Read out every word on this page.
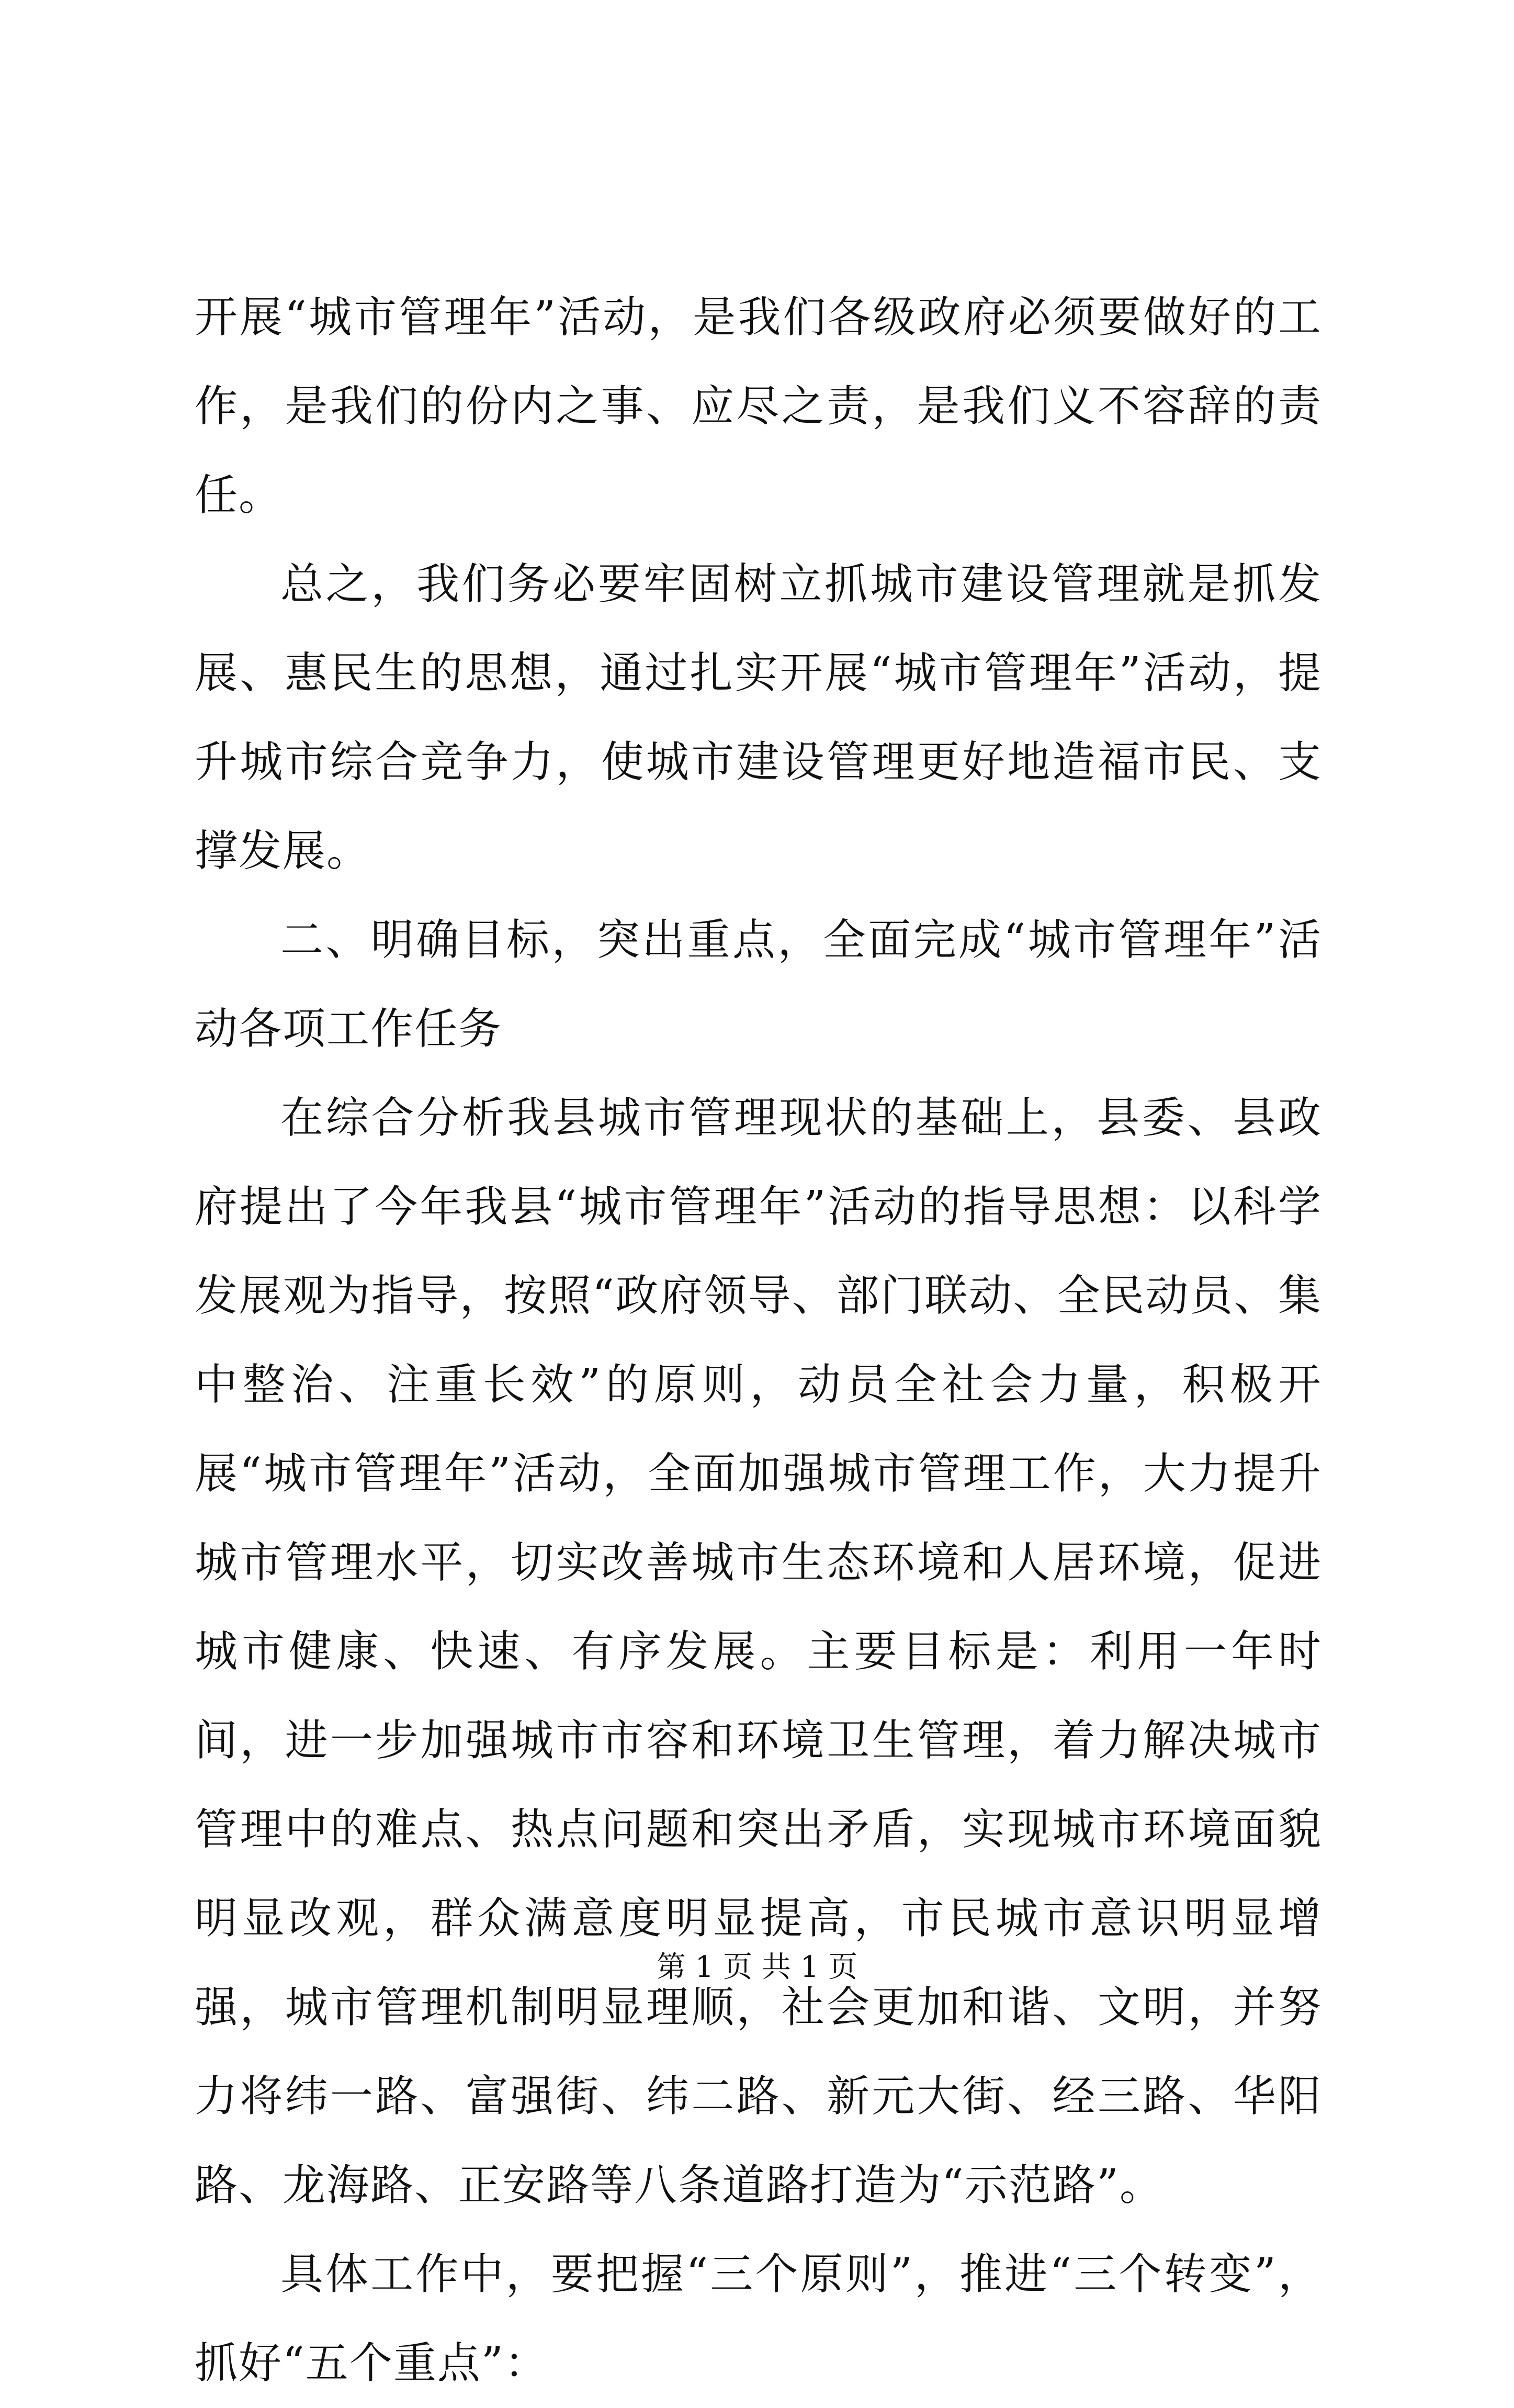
开展“城市管理年”活动，是我们各级政府必须要做好的工作，是我们的份内之事、应尽之责，是我们义不容辞的责任。

总之，我们务必要牢固树立抓城市建设管理就是抓发展、惠民生的思想，通过扎实开展“城市管理年”活动，提升城市综合竞争力，使城市建设管理更好地造福市民、支撑发展。

二、明确目标，突出重点，全面完成“城市管理年”活动各项工作任务

在综合分析我县城市管理现状的基础上，县委、县政府提出了今年我县“城市管理年”活动的指导思想：以科学发展观为指导，按照“政府领导、部门联动、全民动员、集中整治、注重长效”的原则，动员全社会力量，积极开展“城市管理年”活动，全面加强城市管理工作，大力提升城市管理水平，切实改善城市生态环境和人居环境，促进城市健康、快速、有序发展。主要目标是：利用一年时间，进一步加强城市市容和环境卫生管理，着力解决城市管理中的难点、热点问题和突出矛盾，实现城市环境面貌明显改观，群众满意度明显提高，市民城市意识明显增强，城市管理机制明显理顺，社会更加和谐、文明，并努力将纬一路、富强街、纬二路、新元大街、经三路、华阳路、龙海路、正安路等八条道路打造为“示范路”。

具体工作中，要把握“三个原则”，推进“三个转变”，抓好“五个重点”：

第 1 页 共 1 页
